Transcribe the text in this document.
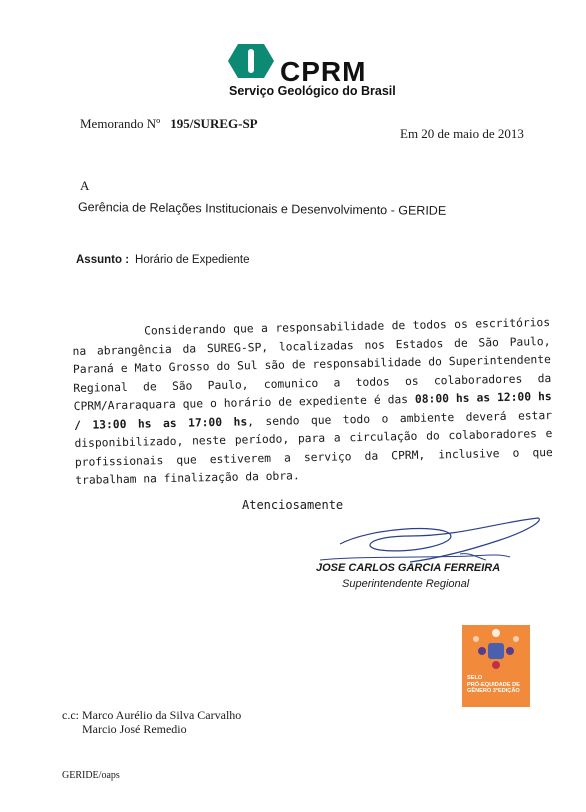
CPRM
Serviço Geológico do Brasil
Memorando Nº 195/SUREG-SP
Em 20 de maio de 2013
A
Gerência de Relações Institucionais e Desenvolvimento - GERIDE
Assunto : Horário de Expediente

Considerando que a responsabilidade de todos os escritórios na abrangência da SUREG-SP, localizadas nos Estados de São Paulo, Paraná e Mato Grosso do Sul são de responsabilidade do Superintendente Regional de São Paulo, comunico a todos os colaboradores da CPRM/Araraquara que o horário de expediente é das 08:00 hs as 12:00 hs / 13:00 hs as 17:00 hs, sendo que todo o ambiente deverá estar disponibilizado, neste período, para a circulação do colaboradores e profissionais que estiverem a serviço da CPRM, inclusive o que trabalham na finalização da obra.

Atenciosamente
JOSE CARLOS GARCIA FERREIRA
Superintendente Regional
SELO
PRÓ-EQUIDADE DE
GÊNERO 3ªEDIÇÃO
c.c: Marco Aurélio da Silva Carvalho
Marcio José Remedio
GERIDE/oaps
